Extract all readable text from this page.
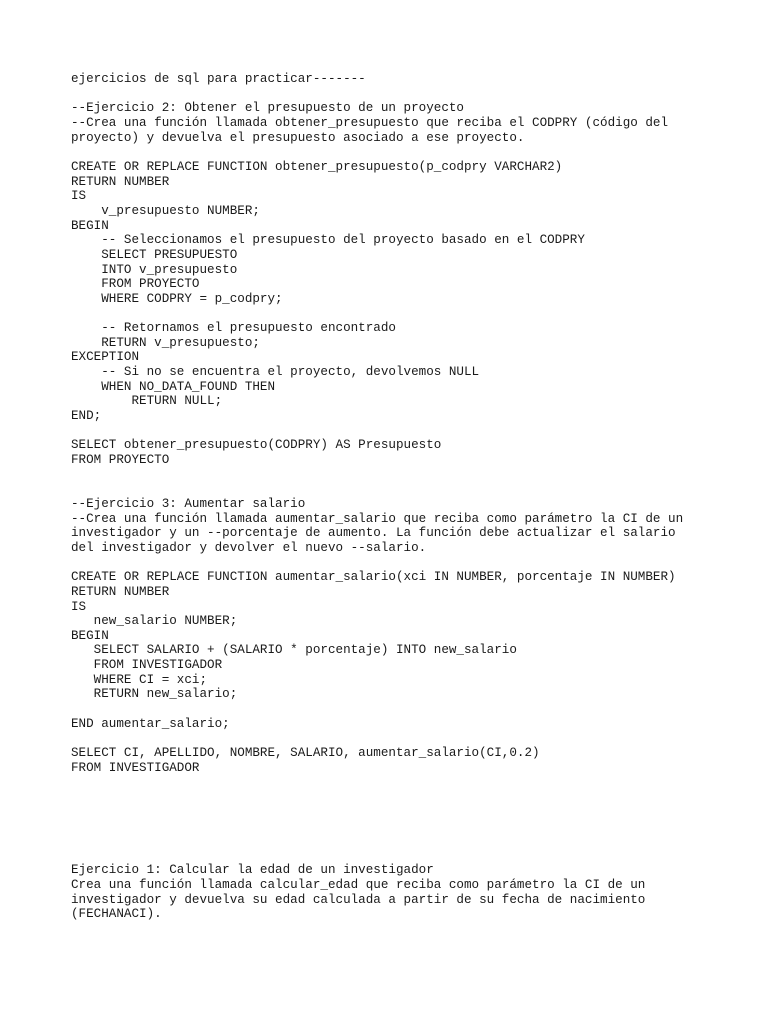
ejercicios de sql para practicar-------
--Ejercicio 2: Obtener el presupuesto de un proyecto
--Crea una función llamada obtener_presupuesto que reciba el CODPRY (código del
proyecto) y devuelva el presupuesto asociado a ese proyecto.
CREATE OR REPLACE FUNCTION obtener_presupuesto(p_codpry VARCHAR2)
RETURN NUMBER
IS
v_presupuesto NUMBER;
BEGIN
-- Seleccionamos el presupuesto del proyecto basado en el CODPRY
SELECT PRESUPUESTO
INTO v_presupuesto
FROM PROYECTO
WHERE CODPRY = p_codpry;
-- Retornamos el presupuesto encontrado
RETURN v_presupuesto;
EXCEPTION
-- Si no se encuentra el proyecto, devolvemos NULL
WHEN NO_DATA_FOUND THEN
RETURN NULL;
END;
SELECT obtener_presupuesto(CODPRY) AS Presupuesto
FROM PROYECTO
--Ejercicio 3: Aumentar salario
--Crea una función llamada aumentar_salario que reciba como parámetro la CI de un
investigador y un --porcentaje de aumento. La función debe actualizar el salario
del investigador y devolver el nuevo --salario.
CREATE OR REPLACE FUNCTION aumentar_salario(xci IN NUMBER, porcentaje IN NUMBER)
RETURN NUMBER
IS
new_salario NUMBER;
BEGIN
SELECT SALARIO + (SALARIO * porcentaje) INTO new_salario
FROM INVESTIGADOR
WHERE CI = xci;
RETURN new_salario;
END aumentar_salario;
SELECT CI, APELLIDO, NOMBRE, SALARIO, aumentar_salario(CI,0.2)
FROM INVESTIGADOR
Ejercicio 1: Calcular la edad de un investigador
Crea una función llamada calcular_edad que reciba como parámetro la CI de un
investigador y devuelva su edad calculada a partir de su fecha de nacimiento
(FECHANACI).
